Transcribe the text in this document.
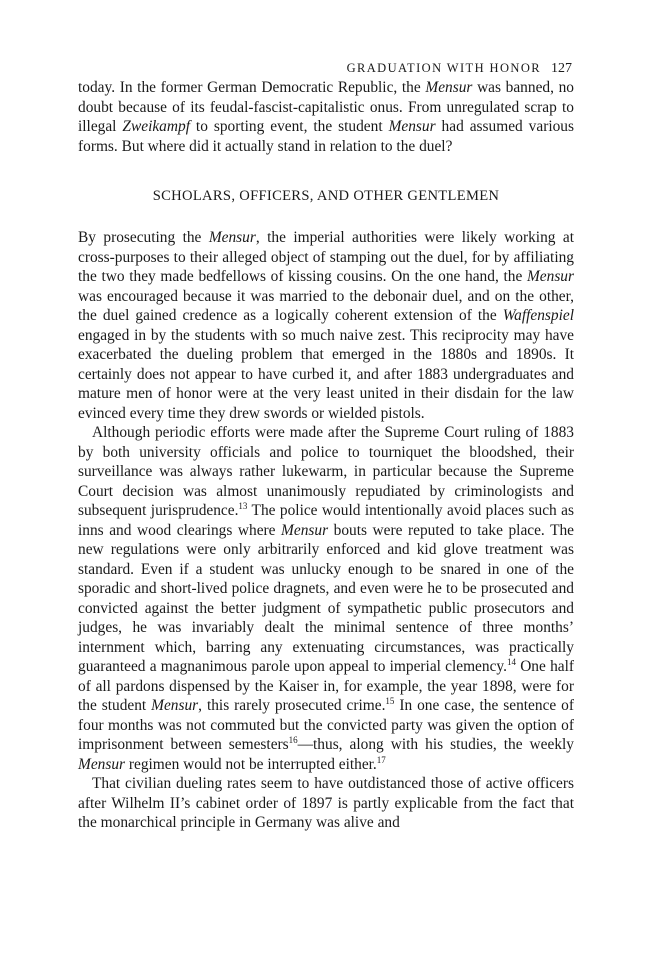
GRADUATION WITH HONOR 127

today. In the former German Democratic Republic, the Mensur was banned, no doubt because of its feudal-fascist-capitalistic onus. From unregulated scrap to illegal Zweikampf to sporting event, the student Mensur had assumed various forms. But where did it actually stand in relation to the duel?

SCHOLARS, OFFICERS, AND OTHER GENTLEMEN

By prosecuting the Mensur, the imperial authorities were likely working at cross-purposes to their alleged object of stamping out the duel, for by affiliating the two they made bedfellows of kissing cousins. On the one hand, the Mensur was encouraged because it was married to the debonair duel, and on the other, the duel gained credence as a logically coherent extension of the Waffenspiel engaged in by the students with so much naive zest. This reciprocity may have exacerbated the dueling problem that emerged in the 1880s and 1890s. It certainly does not appear to have curbed it, and after 1883 undergraduates and mature men of honor were at the very least united in their disdain for the law evinced every time they drew swords or wielded pistols.

Although periodic efforts were made after the Supreme Court ruling of 1883 by both university officials and police to tourniquet the bloodshed, their surveillance was always rather lukewarm, in particular because the Supreme Court decision was almost unanimously repudiated by criminologists and subsequent jurisprudence.$^{13}$ The police would intentionally avoid places such as inns and wood clearings where Mensur bouts were reputed to take place. The new regulations were only arbitrarily enforced and kid glove treatment was standard. Even if a student was unlucky enough to be snared in one of the sporadic and short-lived police dragnets, and even were he to be prosecuted and convicted against the better judgment of sympathetic public prosecutors and judges, he was invariably dealt the minimal sentence of three months’ internment which, barring any extenuating circumstances, was practically guaranteed a magnanimous parole upon appeal to imperial clemency.$^{14}$ One half of all pardons dispensed by the Kaiser in, for example, the year 1898, were for the student Mensur, this rarely prosecuted crime.$^{15}$ In one case, the sentence of four months was not commuted but the convicted party was given the option of imprisonment between semesters$^{16}$—thus, along with his studies, the weekly Mensur regimen would not be interrupted either.$^{17}$

That civilian dueling rates seem to have outdistanced those of active officers after Wilhelm II’s cabinet order of 1897 is partly explicable from the fact that the monarchical principle in Germany was alive and
